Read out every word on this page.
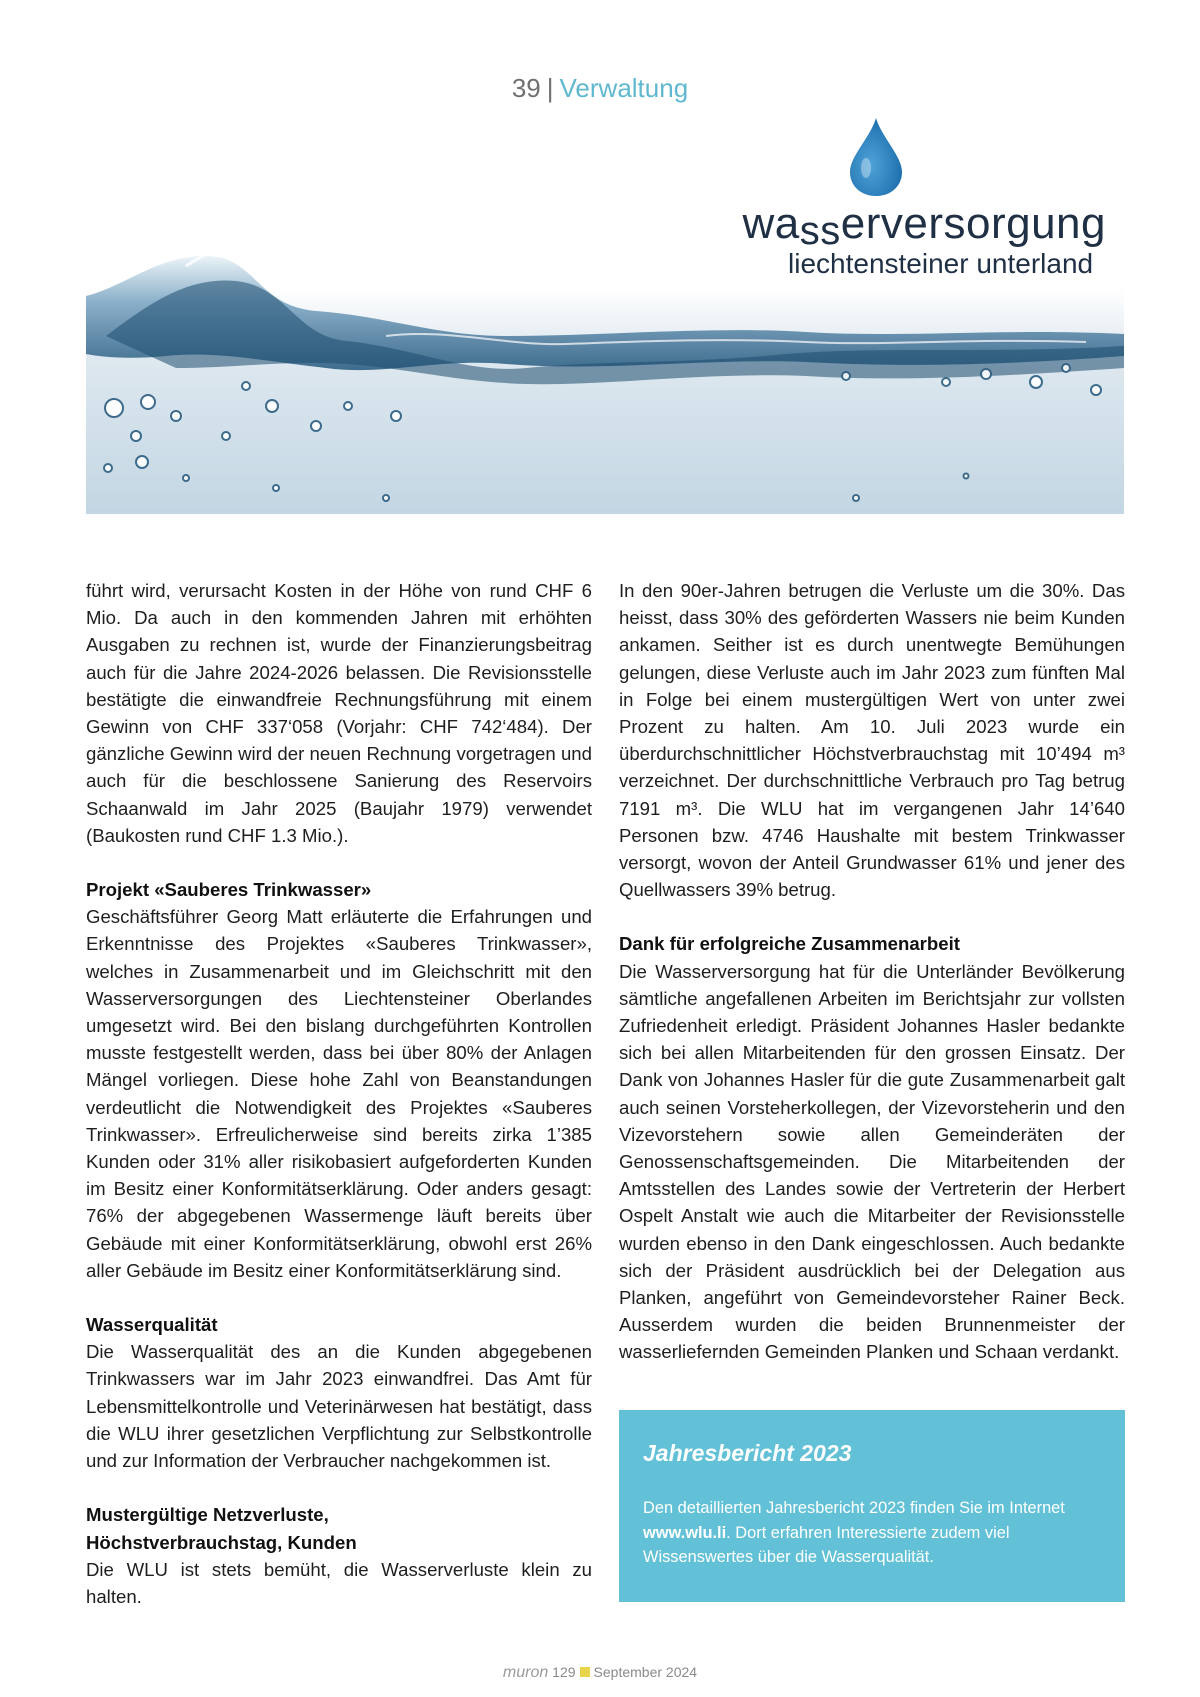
39 | Verwaltung
wasserversorgung
liechtensteiner unterland

führt wird, verursacht Kosten in der Höhe von rund CHF 6 Mio. Da auch in den kommenden Jahren mit erhöhten Ausgaben zu rechnen ist, wurde der Finanzierungsbeitrag auch für die Jahre 2024-2026 belassen. Die Revisionsstelle bestätigte die einwandfreie Rechnungsführung mit einem Gewinn von CHF 337‘058 (Vorjahr: CHF 742‘484). Der gänzliche Gewinn wird der neuen Rechnung vorgetragen und auch für die beschlossene Sanierung des Reservoirs Schaanwald im Jahr 2025 (Baujahr 1979) verwendet (Baukosten rund CHF 1.3 Mio.).

Projekt «Sauberes Trinkwasser»

Geschäftsführer Georg Matt erläuterte die Erfahrungen und Erkenntnisse des Projektes «Sauberes Trinkwasser», welches in Zusammenarbeit und im Gleichschritt mit den Wasserversorgungen des Liechtensteiner Oberlandes umgesetzt wird. Bei den bislang durchgeführten Kontrollen musste festgestellt werden, dass bei über 80% der Anlagen Mängel vorliegen. Diese hohe Zahl von Beanstandungen verdeutlicht die Notwendigkeit des Projektes «Sauberes Trinkwasser». Erfreulicherweise sind bereits zirka 1’385 Kunden oder 31% aller risikobasiert aufgeforderten Kunden im Besitz einer Konformitätserklärung. Oder anders gesagt: 76% der abgegebenen Wassermenge läuft bereits über Gebäude mit einer Konformitätserklärung, obwohl erst 26% aller Gebäude im Besitz einer Konformitätserklärung sind.

Wasserqualität

Die Wasserqualität des an die Kunden abgegebenen Trinkwassers war im Jahr 2023 einwandfrei. Das Amt für Lebensmittelkontrolle und Veterinärwesen hat bestätigt, dass die WLU ihrer gesetzlichen Verpflichtung zur Selbstkontrolle und zur Information der Verbraucher nachgekommen ist.

Mustergültige Netzverluste,
Höchstverbrauchstag, Kunden

Die WLU ist stets bemüht, die Wasserverluste klein zu halten.

In den 90er-Jahren betrugen die Verluste um die 30%. Das heisst, dass 30% des geförderten Wassers nie beim Kunden ankamen. Seither ist es durch unentwegte Bemühungen gelungen, diese Verluste auch im Jahr 2023 zum fünften Mal in Folge bei einem mustergültigen Wert von unter zwei Prozent zu halten. Am 10. Juli 2023 wurde ein überdurchschnittlicher Höchstverbrauchstag mit 10’494 m³ verzeichnet. Der durchschnittliche Verbrauch pro Tag betrug 7191 m³. Die WLU hat im vergangenen Jahr 14’640 Personen bzw. 4746 Haushalte mit bestem Trinkwasser versorgt, wovon der Anteil Grundwasser 61% und jener des Quellwassers 39% betrug.

Dank für erfolgreiche Zusammenarbeit

Die Wasserversorgung hat für die Unterländer Bevölkerung sämtliche angefallenen Arbeiten im Berichtsjahr zur vollsten Zufriedenheit erledigt. Präsident Johannes Hasler bedankte sich bei allen Mitarbeitenden für den grossen Einsatz. Der Dank von Johannes Hasler für die gute Zusammenarbeit galt auch seinen Vorsteherkollegen, der Vizevorsteherin und den Vizevorstehern sowie allen Gemeinderäten der Genossenschaftsgemeinden. Die Mitarbeitenden der Amtsstellen des Landes sowie der Vertreterin der Herbert Ospelt Anstalt wie auch die Mitarbeiter der Revisionsstelle wurden ebenso in den Dank eingeschlossen. Auch bedankte sich der Präsident ausdrücklich bei der Delegation aus Planken, angeführt von Gemeindevorsteher Rainer Beck. Ausserdem wurden die beiden Brunnenmeister der wasserliefernden Gemeinden Planken und Schaan verdankt.

Jahresbericht 2023
Den detaillierten Jahresbericht 2023 finden Sie im Internet www.wlu.li. Dort erfahren Interessierte zudem viel Wissenswertes über die Wasserqualität.
muron 129 September 2024
